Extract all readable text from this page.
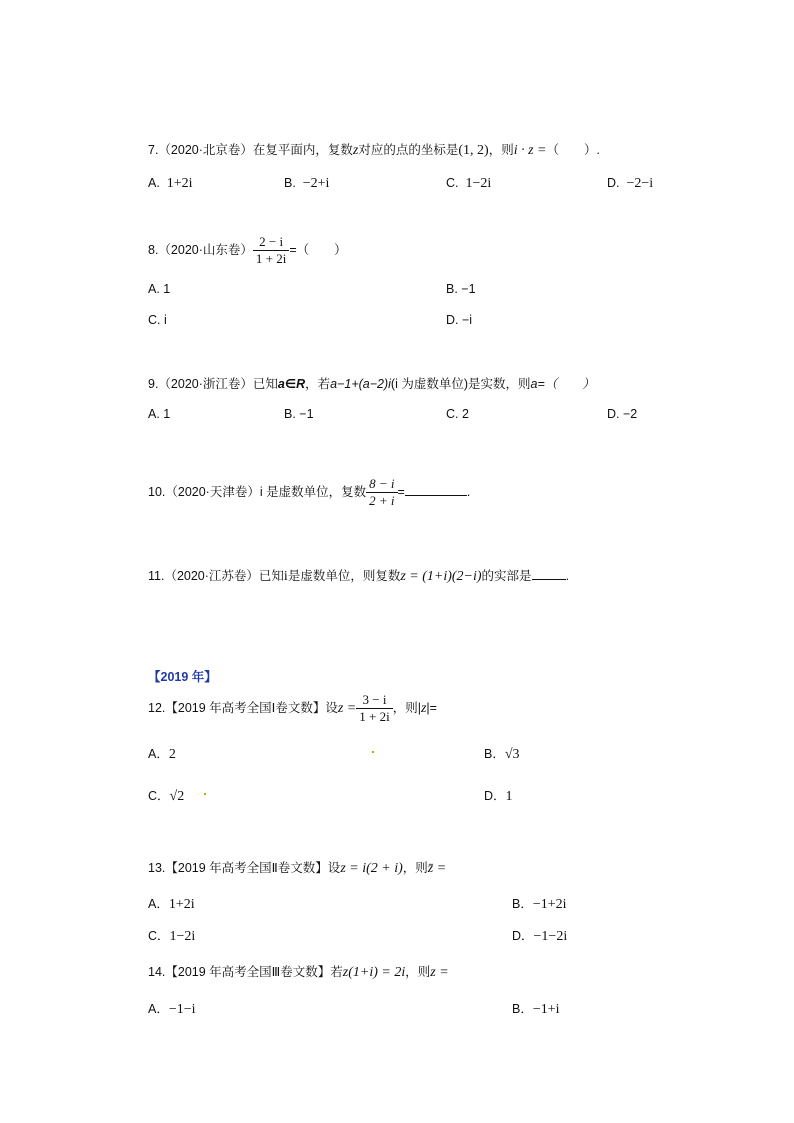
7.（2020·北京卷）在复平面内，复数z对应的点的坐标是(1, 2)，则i · z =（　　）.
A. 1+2i	B. −2+i	C. 1−2i	D. −2−i
8.（2020·山东卷） $\frac{2 - i}{1 + 2i}$ =（　　）
A. 1	B. −1
C. i	D. −i
9.（2020·浙江卷）已知a∈R，若a−1+(a−2)i(i 为虚数单位)是实数，则a=（　　）
A. 1	B. −1	C. 2	D. −2
10.（2020·天津卷）i 是虚数单位，复数 $\frac{8 - i}{2 + i}$ =	.
11.（2020·江苏卷）已知i是虚数单位，则复数z = (1+i)(2−i)的实部是	.
【2019 年】
12.【2019 年高考全国Ⅰ卷文数】设$z = \frac{3 - i}{1 + 2i}$ ，则|z|=
A．2	B．√3
C．√2	D．1
13.【2019 年高考全国Ⅱ卷文数】设z = i(2 + i)，则z̄ =
A．1+2i	B．−1+2i
C．1−2i	D．−1−2i
14.【2019 年高考全国Ⅲ卷文数】若z(1+i) = 2i，则z =
A．−1−i	B．−1+i
